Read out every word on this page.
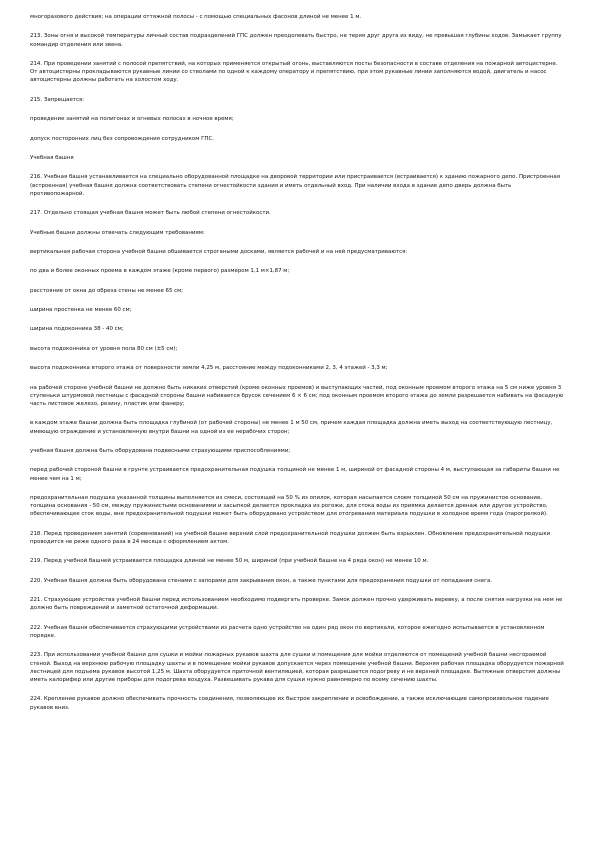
многоразового действия; на операции оттяжной полосы - с помощью специальных фасонов длиной не менее 1 м.

213. Зоны огня и высокой температуры личный состав подразделений ГПС должен преодолевать быстро, не теряя друг друга из виду, не превышая глубины ходов. Замыкает группу командир отделения или звена.

214. При проведении занятий с полосой препятствий, на которых применяется открытый огонь, выставляются посты безопасности в составе отделения на пожарной автоцистерне. От автоцистерны прокладываются рукавные линии со стволами по одной к каждому оператору и препятствию, при этом рукавные линии заполняются водой, двигатель и насос автоцистерны должны работать на холостом ходу.

215. Запрещается:

проведение занятий на полигонах и огневых полосах в ночное время;

допуск посторонних лиц без сопровождения сотрудником ГПС.

Учебная башня

216. Учебная башня устанавливается на специально оборудованной площадке на дворовой территории или пристраивается (встраивается) к зданию пожарного депо. Пристроенная (встроенная) учебная башня должна соответствовать степени огнестойкости здания и иметь отдельный вход. При наличии входа в здание депо дверь должна быть противопожарной.

217. Отдельно стоящая учебная башня может быть любой степени огнестойкости.

Учебные башни должны отвечать следующим требованиям:

вертикальная рабочая сторона учебной башни обшивается строгаными досками, является рабочей и на ней предусматриваются:

по два и более оконных проема в каждом этаже (кроме первого) размером 1,1 м×1,87 м;

расстояние от окна до обреза стены не менее 65 см;

ширина простенка не менее 60 см;

ширина подоконника 38 - 40 см;

высота подоконника от уровня пола 80 см (±5 см);

высота подоконника второго этажа от поверхности земли 4,25 м, расстояние между подоконниками 2, 3, 4 этажей - 3,3 м;

на рабочей стороне учебной башни не должно быть никаких отверстий (кроме оконных проемов) и выступающих частей, под оконным проемом второго этажа на 5 см ниже уровня 3 ступеньки штурмовой лестницы с фасадной стороны башни набивается брусок сечением 6 × 6 см; под оконным проемом второго этажа до земли разрешается набивать на фасадную часть листовое железо, резину, пластик или фанеру;

в каждом этаже башни должна быть площадка глубиной (от рабочей стороны) не менее 1 м 50 см, причем каждая площадка должна иметь выход на соответствующую лестницу, имеющую ограждение и установленную внутри башни на одной из ее нерабочих сторон;

учебная башня должна быть оборудована подвесными страхующими приспособлениями;

перед рабочей стороной башни в грунте устраивается предохранительная подушка толщиной не менее 1 м, шириной от фасадной стороны 4 м, выступающая за габариты башни не менее чем на 1 м;

предохранительная подушка указанной толщины выполняется из смеси, состоящей на 50 % из опилок, которая насыпается слоем толщиной 50 см на пружинистое основание, толщина основания - 50 см, между пружинистыми основаниями и засыпкой делается прокладка из рогожи, для стока воды из приямка делается дренаж или другое устройство, обеспечивающее сток воды, вне предохранительной подушки может быть оборудовано устройством для отогревания материала подушки в холодное время года (парогрелкой).

218. Перед проведением занятий (соревнований) на учебной башне верхний слой предохранительной подушки должен быть взрыхлен. Обновление предохранительной подушки проводится не реже одного раза в 24 месяца с оформлением актом.

219. Перед учебной башней устраивается площадка длиной не менее 50 м, шириной (при учебной башне на 4 ряда окон) не менее 10 м.

220. Учебная башня должна быть оборудована стенами с запорами для закрывания окон, а также пунктами для предохранения подушки от попадания снега.

221. Страхующие устройства учебной башни перед использованием необходимо подвергать проверке. Замок должен прочно удерживать веревку, а после снятия нагрузки на нем не должно быть повреждений и заметной остаточной деформации.

222. Учебная башня обеспечивается страхующими устройствами из расчета одно устройство на один ряд окон по вертикали, которое ежегодно испытывается в установленном порядке.

223. При использовании учебной башни для сушки и мойки пожарных рукавов шахта для сушки и помещения для мойки отделяются от помещений учебной башни несгораемой стеной. Выход на верхнюю рабочую площадку шахты и в помещение мойки рукавов допускается через помещение учебной башни. Верхняя рабочая площадка оборудуется пожарной лестницей для подъема рукавов высотой 1,25 м. Шахта оборудуется приточной вентиляцией, которая разрешается подогреву и не верхней площадке. Вытяжные отверстия должны иметь калорифер или другие приборы для подогрева воздуха. Развешивать рукава для сушки нужно равномерно по всему сечению шахты.

224. Крепление рукавов должно обеспечивать прочность соединения, позволяющее их быстрое закрепление и освобождение, а также исключающие самопроизвольное падение рукавов вниз.
